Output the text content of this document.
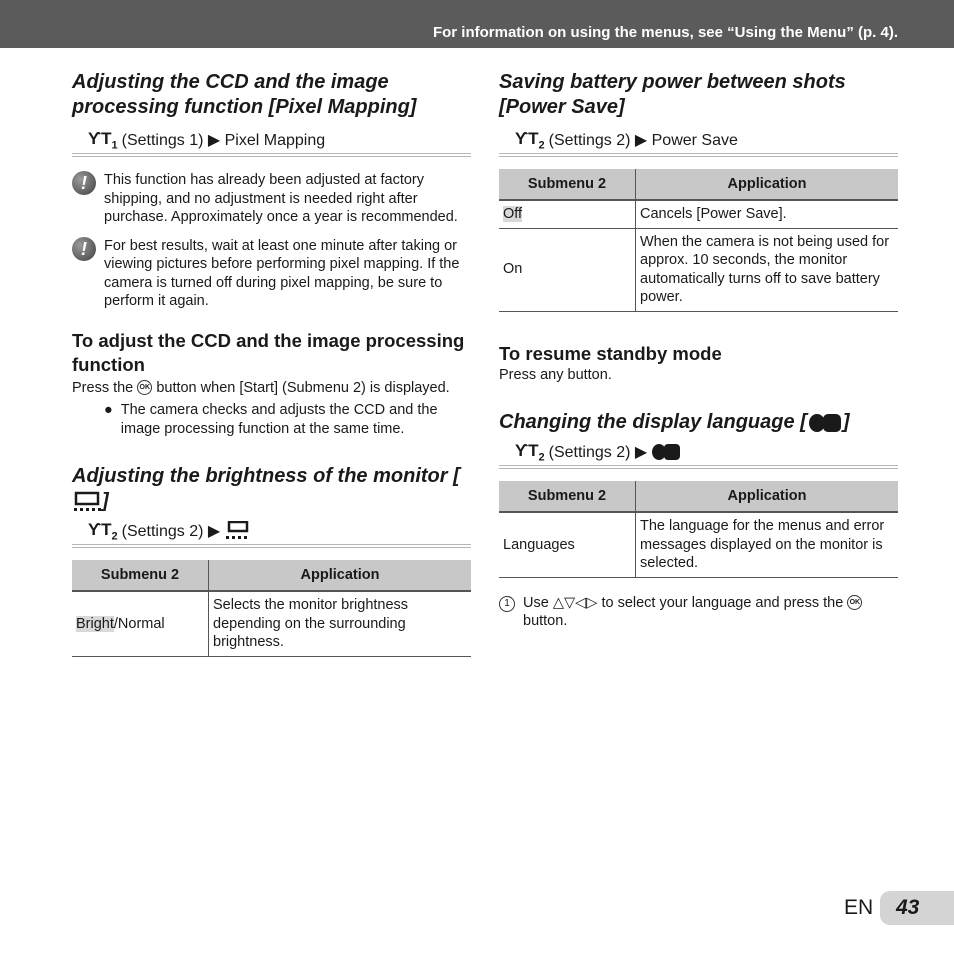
For information on using the menus, see “Using the Menu” (p. 4).
Adjusting the CCD and the image processing function [Pixel Mapping]
$ϒT_1$ (Settings 1) ▶ Pixel Mapping
!	This function has already been adjusted at factory shipping, and no adjustment is needed right after purchase. Approximately once a year is recommended.
!	For best results, wait at least one minute after taking or viewing pictures before performing pixel mapping. If the camera is turned off during pixel mapping, be sure to perform it again.
To adjust the CCD and the image processing function
Press the OK button when [Start] (Submenu 2) is displayed.
● The camera checks and adjusts the CCD and the image processing function at the same time.
Adjusting the brightness of the monitor []
$ϒT_2$ (Settings 2) ▶
Submenu 2	Application
Bright/Normal	Selects the monitor brightness depending on the surrounding brightness.
Saving battery power between shots [Power Save]
$ϒT_2$ (Settings 2) ▶ Power Save
Submenu 2	Application
Off	Cancels [Power Save].
On	When the camera is not being used for approx. 10 seconds, the monitor automatically turns off to save battery power.
To resume standby mode
Press any button.
Changing the display language [ ]
$ϒT_2$ (Settings 2) ▶
Submenu 2	Application
Languages	The language for the menus and error messages displayed on the monitor is selected.
1 Use △▽◁▷ to select your language and press the OK button.
EN 43
